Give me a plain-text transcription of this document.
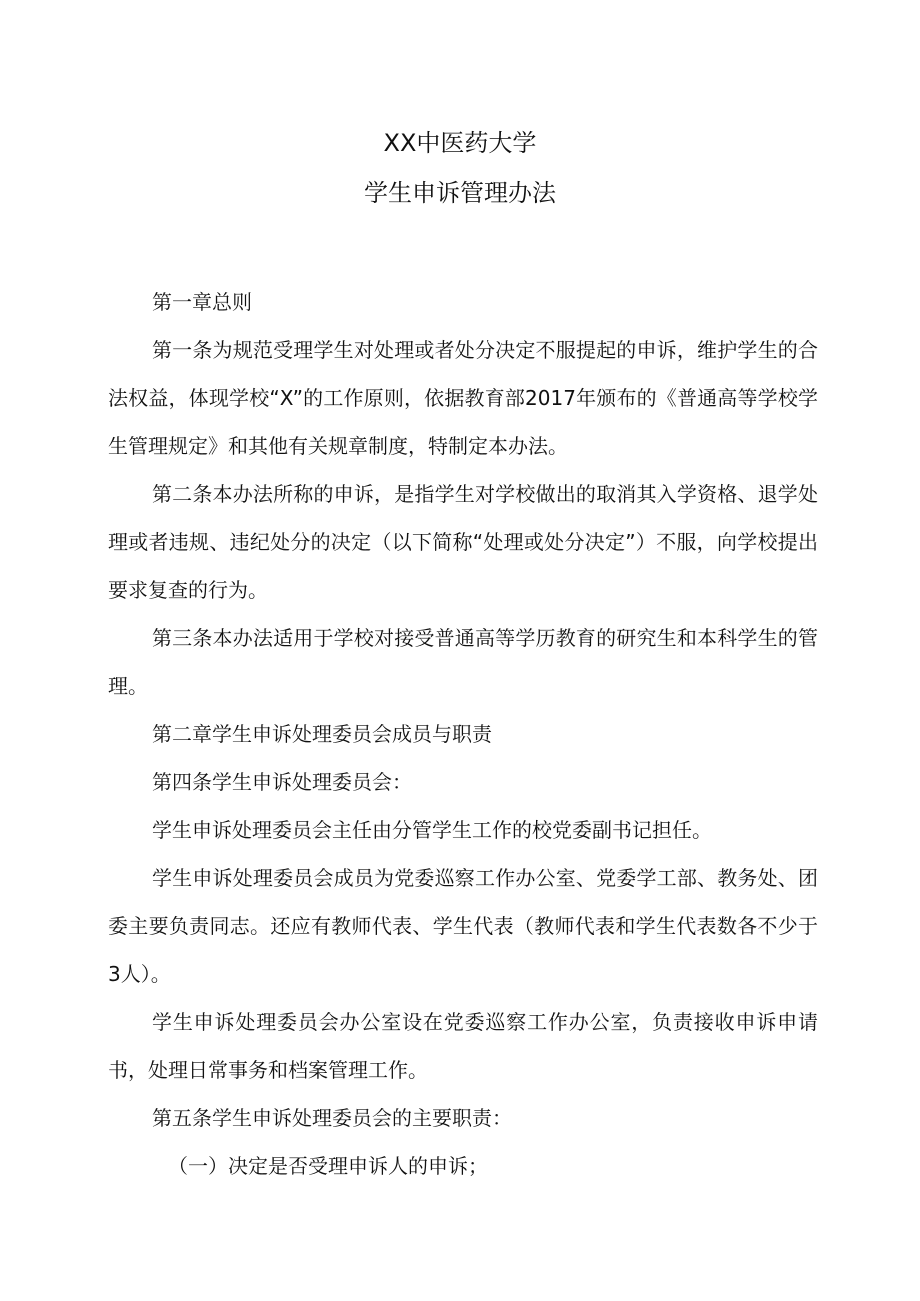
XX中医药大学
学生申诉管理办法

第一章总则

第一条为规范受理学生对处理或者处分决定不服提起的申诉，维护学生的合法权益，体现学校“X”的工作原则，依据教育部2017年颁布的《普通高等学校学生管理规定》和其他有关规章制度，特制定本办法。

第二条本办法所称的申诉，是指学生对学校做出的取消其入学资格、退学处理或者违规、违纪处分的决定（以下简称“处理或处分决定”）不服，向学校提出要求复查的行为。

第三条本办法适用于学校对接受普通高等学历教育的研究生和本科学生的管理。

第二章学生申诉处理委员会成员与职责

第四条学生申诉处理委员会：

学生申诉处理委员会主任由分管学生工作的校党委副书记担任。

学生申诉处理委员会成员为党委巡察工作办公室、党委学工部、教务处、团委主要负责同志。还应有教师代表、学生代表（教师代表和学生代表数各不少于3人）。

学生申诉处理委员会办公室设在党委巡察工作办公室，负责接收申诉申请书，处理日常事务和档案管理工作。

第五条学生申诉处理委员会的主要职责：

（一）决定是否受理申诉人的申诉；
